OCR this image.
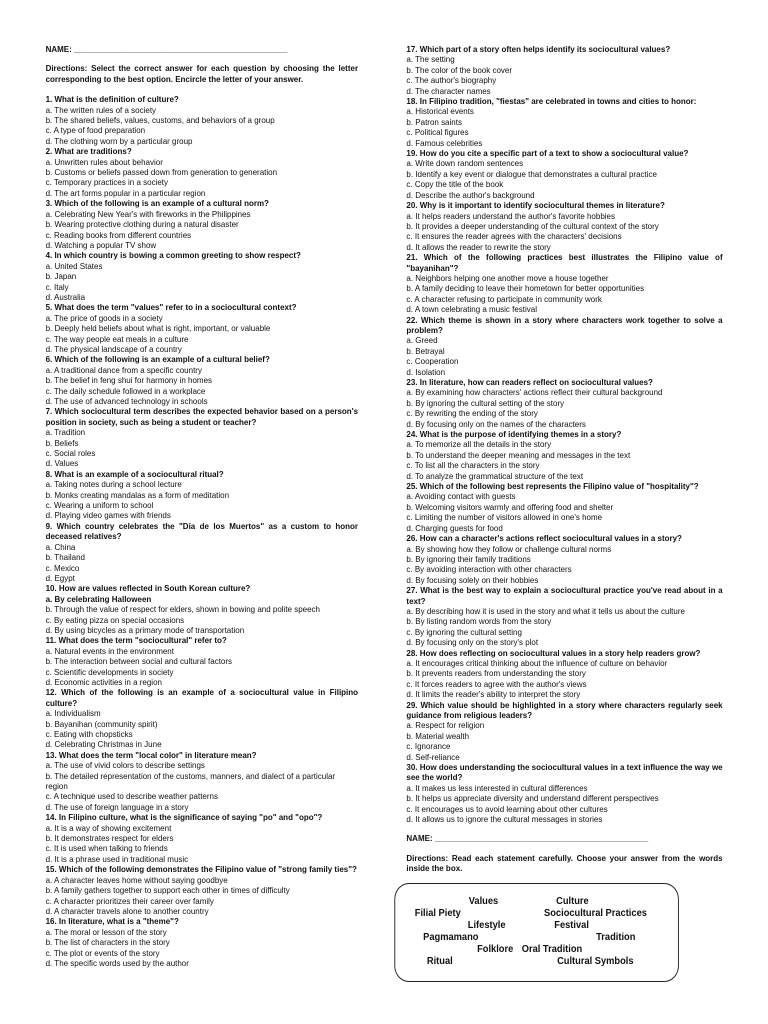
NAME: ________________________________________________
Directions: Select the correct answer for each question by choosing the letter corresponding to the best option. Encircle the letter of your answer.
1. What is the definition of culture?
a. The written rules of a society
b. The shared beliefs, values, customs, and behaviors of a group
c. A type of food preparation
d. The clothing worn by a particular group
2. What are traditions?
a. Unwritten rules about behavior
b. Customs or beliefs passed down from generation to generation
c. Temporary practices in a society
d. The art forms popular in a particular region
3. Which of the following is an example of a cultural norm?
a. Celebrating New Year's with fireworks in the Philippines
b. Wearing protective clothing during a natural disaster
c. Reading books from different countries
d. Watching a popular TV show
4. In which country is bowing a common greeting to show respect?
a. United States
b. Japan
c. Italy
d. Australia
5. What does the term "values" refer to in a sociocultural context?
a. The price of goods in a society
b. Deeply held beliefs about what is right, important, or valuable
c. The way people eat meals in a culture
d. The physical landscape of a country
6. Which of the following is an example of a cultural belief?
a. A traditional dance from a specific country
b. The belief in feng shui for harmony in homes
c. The daily schedule followed in a workplace
d. The use of advanced technology in schools
7. Which sociocultural term describes the expected behavior based on a person's position in society, such as being a student or teacher?
a. Tradition
b. Beliefs
c. Social roles
d. Values
8. What is an example of a sociocultural ritual?
a. Taking notes during a school lecture
b. Monks creating mandalas as a form of meditation
c. Wearing a uniform to school
d. Playing video games with friends
9. Which country celebrates the "Día de los Muertos" as a custom to honor deceased relatives?
a. China
b. Thailand
c. Mexico
d. Egypt
10. How are values reflected in South Korean culture?
a. By celebrating Halloween
b. Through the value of respect for elders, shown in bowing and polite speech
c. By eating pizza on special occasions
d. By using bicycles as a primary mode of transportation
11. What does the term "sociocultural" refer to?
a. Natural events in the environment
b. The interaction between social and cultural factors
c. Scientific developments in society
d. Economic activities in a region
12. Which of the following is an example of a sociocultural value in Filipino culture?
a. Individualism
b. Bayanihan (community spirit)
c. Eating with chopsticks
d. Celebrating Christmas in June
13. What does the term "local color" in literature mean?
a. The use of vivid colors to describe settings
b. The detailed representation of the customs, manners, and dialect of a particular region
c. A technique used to describe weather patterns
d. The use of foreign language in a story
14. In Filipino culture, what is the significance of saying "po" and "opo"?
a. It is a way of showing excitement
b. It demonstrates respect for elders
c. It is used when talking to friends
d. It is a phrase used in traditional music
15. Which of the following demonstrates the Filipino value of "strong family ties"?
a. A character leaves home without saying goodbye
b. A family gathers together to support each other in times of difficulty
c. A character prioritizes their career over family
d. A character travels alone to another country
16. In literature, what is a "theme"?
a. The moral or lesson of the story
b. The list of characters in the story
c. The plot or events of the story
d. The specific words used by the author
17. Which part of a story often helps identify its sociocultural values?
a. The setting
b. The color of the book cover
c. The author's biography
d. The character names
18. In Filipino tradition, "fiestas" are celebrated in towns and cities to honor:
a. Historical events
b. Patron saints
c. Political figures
d. Famous celebrities
19. How do you cite a specific part of a text to show a sociocultural value?
a. Write down random sentences
b. Identify a key event or dialogue that demonstrates a cultural practice
c. Copy the title of the book
d. Describe the author's background
20. Why is it important to identify sociocultural themes in literature?
a. It helps readers understand the author's favorite hobbies
b. It provides a deeper understanding of the cultural context of the story
c. It ensures the reader agrees with the characters' decisions
d. It allows the reader to rewrite the story
21. Which of the following practices best illustrates the Filipino value of "bayanihan"?
a. Neighbors helping one another move a house together
b. A family deciding to leave their hometown for better opportunities
c. A character refusing to participate in community work
d. A town celebrating a music festival
22. Which theme is shown in a story where characters work together to solve a problem?
a. Greed
b. Betrayal
c. Cooperation
d. Isolation
23. In literature, how can readers reflect on sociocultural values?
a. By examining how characters' actions reflect their cultural background
b. By ignoring the cultural setting of the story
c. By rewriting the ending of the story
d. By focusing only on the names of the characters
24. What is the purpose of identifying themes in a story?
a. To memorize all the details in the story
b. To understand the deeper meaning and messages in the text
c. To list all the characters in the story
d. To analyze the grammatical structure of the text
25. Which of the following best represents the Filipino value of "hospitality"?
a. Avoiding contact with guests
b. Welcoming visitors warmly and offering food and shelter
c. Limiting the number of visitors allowed in one's home
d. Charging guests for food
26. How can a character's actions reflect sociocultural values in a story?
a. By showing how they follow or challenge cultural norms
b. By ignoring their family traditions
c. By avoiding interaction with other characters
d. By focusing solely on their hobbies
27. What is the best way to explain a sociocultural practice you've read about in a text?
a. By describing how it is used in the story and what it tells us about the culture
b. By listing random words from the story
c. By ignoring the cultural setting
d. By focusing only on the story's plot
28. How does reflecting on sociocultural values in a story help readers grow?
a. It encourages critical thinking about the influence of culture on behavior
b. It prevents readers from understanding the story
c. It forces readers to agree with the author's views
d. It limits the reader's ability to interpret the story
29. Which value should be highlighted in a story where characters regularly seek guidance from religious leaders?
a. Respect for religion
b. Material wealth
c. Ignorance
d. Self-reliance
30. How does understanding the sociocultural values in a text influence the way we see the world?
a. It makes us less interested in cultural differences
b. It helps us appreciate diversity and understand different perspectives
c. It encourages us to avoid learning about other cultures
d. It allows us to ignore the cultural messages in stories
NAME: ________________________________________________
Directions: Read each statement carefully. Choose your answer from the words inside the box.
Values	Culture
Filial Piety	Sociocultural Practices
Lifestyle	Festival
Pagmamano	Tradition
Folklore Oral Tradition
Ritual	Cultural Symbols
